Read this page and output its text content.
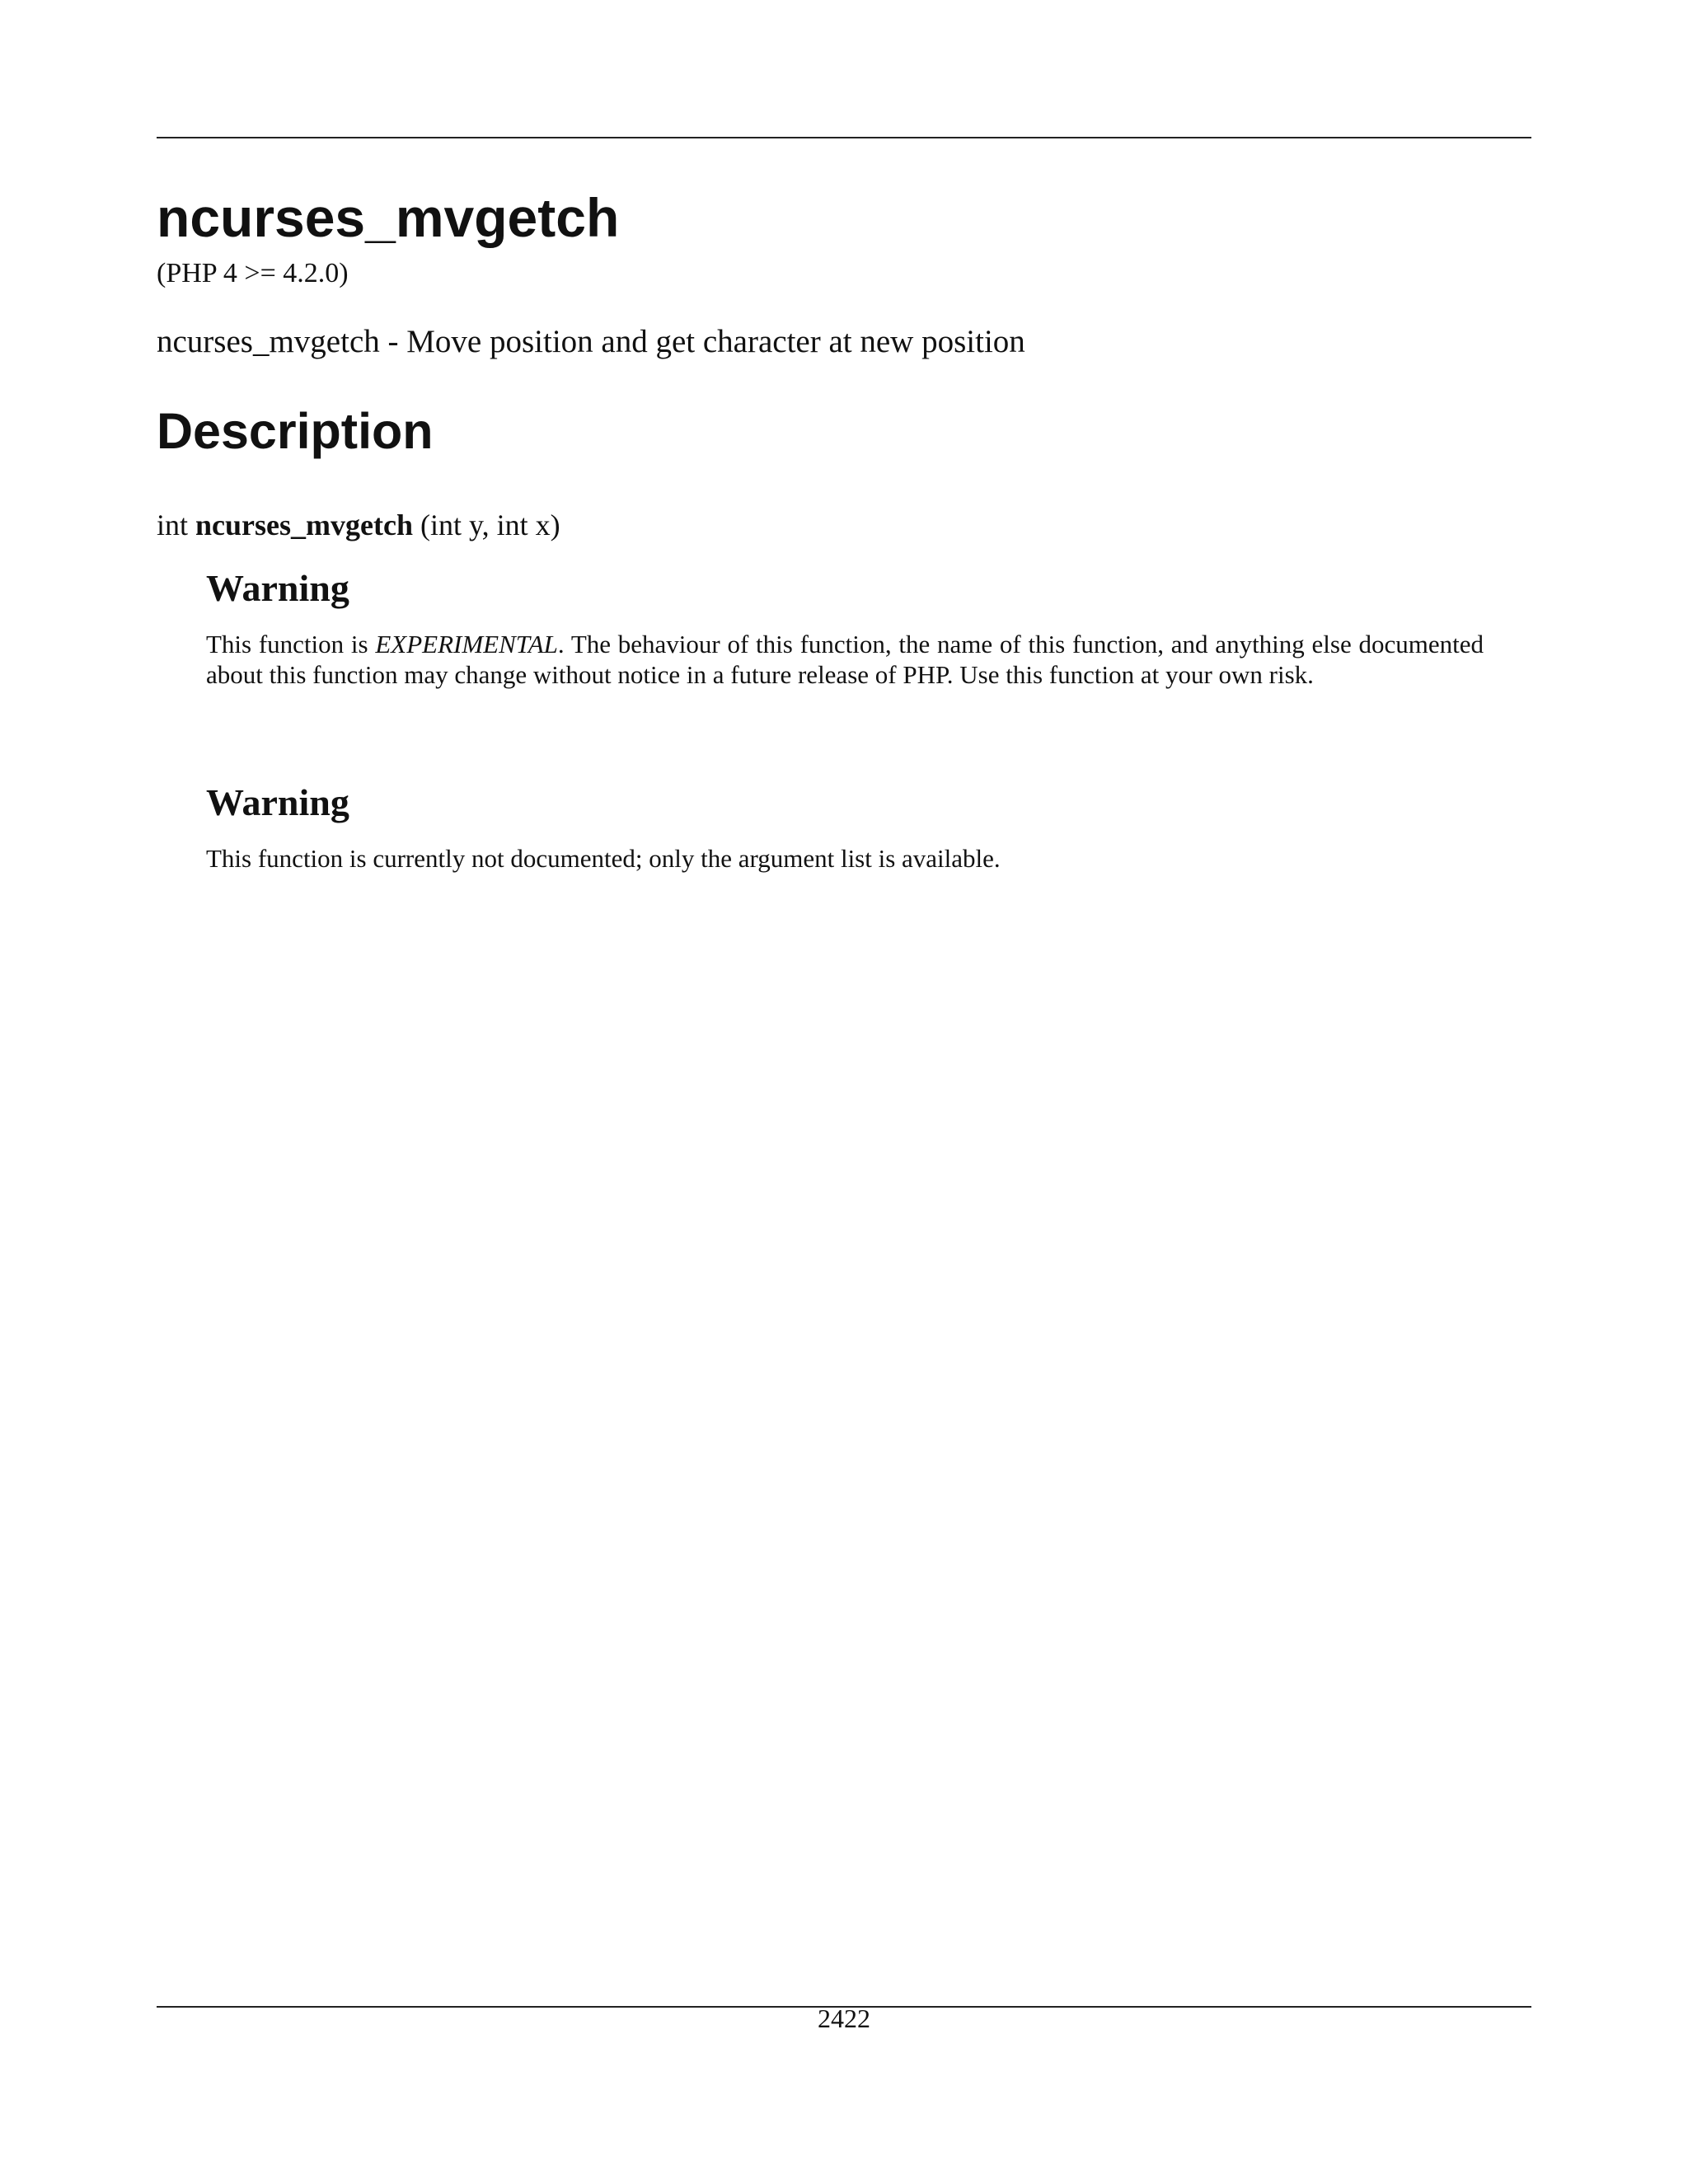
ncurses_mvgetch
(PHP 4 >= 4.2.0)
ncurses_mvgetch - Move position and get character at new position
Description
int ncurses_mvgetch (int y, int x)
Warning

This function is EXPERIMENTAL. The behaviour of this function, the name of this function, and anything else documented about this function may change without notice in a future release of PHP. Use this function at your own risk.

Warning

This function is currently not documented; only the argument list is available.

2422
